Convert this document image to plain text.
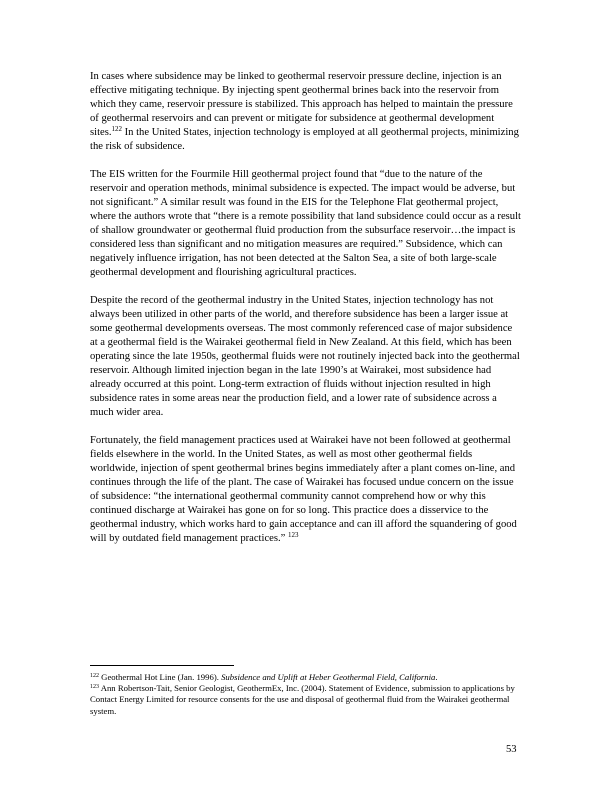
In cases where subsidence may be linked to geothermal reservoir pressure decline, injection is an effective mitigating technique. By injecting spent geothermal brines back into the reservoir from which they came, reservoir pressure is stabilized. This approach has helped to maintain the pressure of geothermal reservoirs and can prevent or mitigate for subsidence at geothermal development sites.$^{122}$ In the United States, injection technology is employed at all geothermal projects, minimizing the risk of subsidence.

The EIS written for the Fourmile Hill geothermal project found that “due to the nature of the reservoir and operation methods, minimal subsidence is expected. The impact would be adverse, but not significant.” A similar result was found in the EIS for the Telephone Flat geothermal project, where the authors wrote that “there is a remote possibility that land subsidence could occur as a result of shallow groundwater or geothermal fluid production from the subsurface reservoir…the impact is considered less than significant and no mitigation measures are required.” Subsidence, which can negatively influence irrigation, has not been detected at the Salton Sea, a site of both large-scale geothermal development and flourishing agricultural practices.

Despite the record of the geothermal industry in the United States, injection technology has not always been utilized in other parts of the world, and therefore subsidence has been a larger issue at some geothermal developments overseas. The most commonly referenced case of major subsidence at a geothermal field is the Wairakei geothermal field in New Zealand. At this field, which has been operating since the late 1950s, geothermal fluids were not routinely injected back into the geothermal reservoir. Although limited injection began in the late 1990’s at Wairakei, most subsidence had already occurred at this point. Long-term extraction of fluids without injection resulted in high subsidence rates in some areas near the production field, and a lower rate of subsidence across a much wider area.

Fortunately, the field management practices used at Wairakei have not been followed at geothermal fields elsewhere in the world. In the United States, as well as most other geothermal fields worldwide, injection of spent geothermal brines begins immediately after a plant comes on-line, and continues through the life of the plant. The case of Wairakei has focused undue concern on the issue of subsidence: “the international geothermal community cannot comprehend how or why this continued discharge at Wairakei has gone on for so long. This practice does a disservice to the geothermal industry, which works hard to gain acceptance and can ill afford the squandering of good will by outdated field management practices.” $^{123}$

$^{122}$ Geothermal Hot Line (Jan. 1996). Subsidence and Uplift at Heber Geothermal Field, California.

$^{123}$ Ann Robertson-Tait, Senior Geologist, GeothermEx, Inc. (2004). Statement of Evidence, submission to applications by Contact Energy Limited for resource consents for the use and disposal of geothermal fluid from the Wairakei geothermal system.

53
